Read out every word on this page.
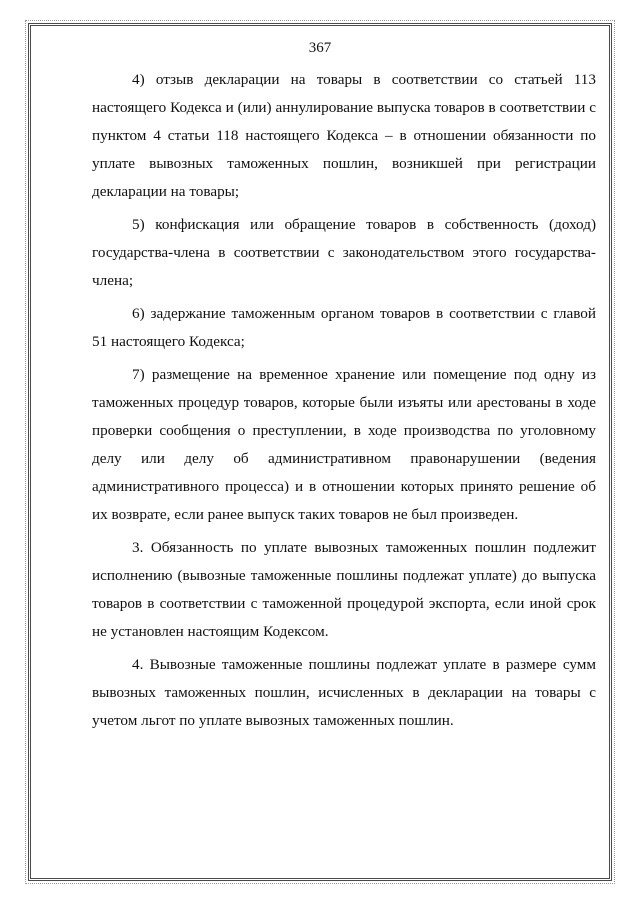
367

4) отзыв декларации на товары в соответствии со статьей 113 настоящего Кодекса и (или) аннулирование выпуска товаров в соответствии с пунктом 4 статьи 118 настоящего Кодекса – в отношении обязанности по уплате вывозных таможенных пошлин, возникшей при регистрации декларации на товары;

5) конфискация или обращение товаров в собственность (доход) государства-члена в соответствии с законодательством этого государства-члена;

6) задержание таможенным органом товаров в соответствии с главой 51 настоящего Кодекса;

7) размещение на временное хранение или помещение под одну из таможенных процедур товаров, которые были изъяты или арестованы в ходе проверки сообщения о преступлении, в ходе производства по уголовному делу или делу об административном правонарушении (ведения административного процесса) и в отношении которых принято решение об их возврате, если ранее выпуск таких товаров не был произведен.

3. Обязанность по уплате вывозных таможенных пошлин подлежит исполнению (вывозные таможенные пошлины подлежат уплате) до выпуска товаров в соответствии с таможенной процедурой экспорта, если иной срок не установлен настоящим Кодексом.

4. Вывозные таможенные пошлины подлежат уплате в размере сумм вывозных таможенных пошлин, исчисленных в декларации на товары с учетом льгот по уплате вывозных таможенных пошлин.
